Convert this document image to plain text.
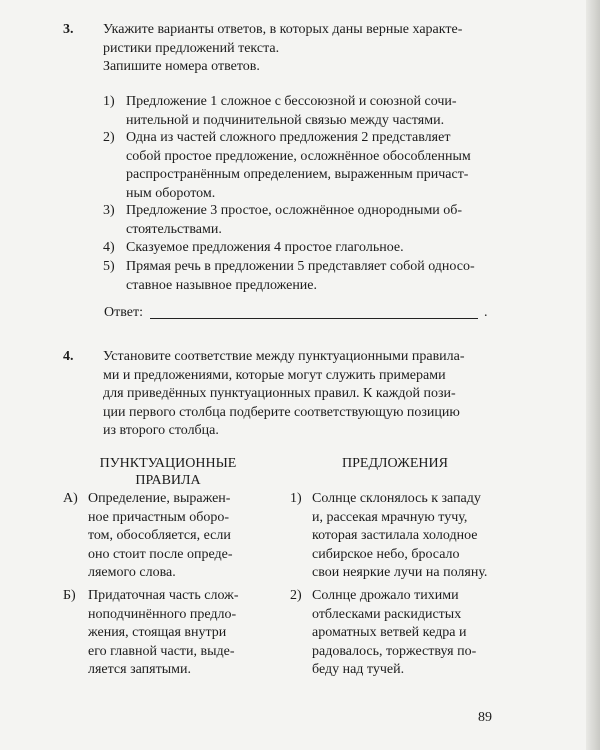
3. Укажите варианты ответов, в которых даны верные характе-
ристики предложений текста.
Запишите номера ответов.
1) Предложение 1 сложное с бессоюзной и союзной сочи-
нительной и подчинительной связью между частями.
2) Одна из частей сложного предложения 2 представляет
собой простое предложение, осложнённое обособленным
распространённым определением, выраженным причаст-
ным оборотом.
3) Предложение 3 простое, осложнённое однородными об-
стоятельствами.
4) Сказуемое предложения 4 простое глагольное.
5) Прямая речь в предложении 5 представляет собой односо-
ставное назывное предложение.
Ответ:	.
4. Установите соответствие между пунктуационными правила-
ми и предложениями, которые могут служить примерами
для приведённых пунктуационных правил. К каждой пози-
ции первого столбца подберите соответствующую позицию
из второго столбца.
ПУНКТУАЦИОННЫЕ
ПРАВИЛА
ПРЕДЛОЖЕНИЯ
А) Определение, выражен-
ное причастным оборо-
том, обособляется, если
оно стоит после опреде-
ляемого слова.
Б) Придаточная часть слож-
ноподчинённого предло-
жения, стоящая внутри
его главной части, выде-
ляется запятыми.
1) Солнце склонялось к западу
и, рассекая мрачную тучу,
которая застилала холодное
сибирское небо, бросало
свои неяркие лучи на поляну.
2) Солнце дрожало тихими
отблесками раскидистых
ароматных ветвей кедра и
радовалось, торжествуя по-
беду над тучей.
89
